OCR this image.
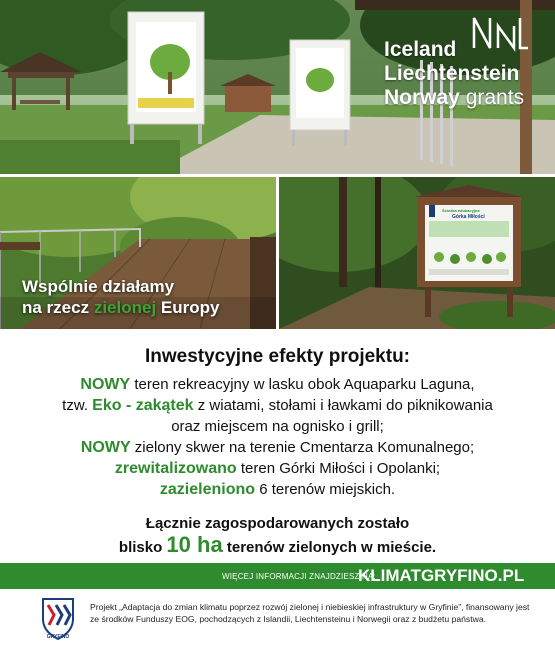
Iceland
Liechtenstein
Norway grants
Wspólnie działamy
na rzecz zielonej Europy
Ścieżka edukacyjna
Górka Miłości
Inwestycyjne efekty projektu:

NOWY teren rekreacyjny w lasku obok Aquaparku Laguna,

tzw. Eko - zakątek z wiatami, stołami i ławkami do piknikowania

oraz miejscem na ognisko i grill;

NOWY zielony skwer na terenie Cmentarza Komunalnego;

zrewitalizowano teren Górki Miłości i Opolanki;

zazieleniono 6 terenów miejskich.

Łącznie zagospodarowanych zostało
blisko 10 ha terenów zielonych w mieście.
WIĘCEJ INFORMACJI ZNAJDZIESZ NA:
KLIMATGRYFINO.PL
GRYFINO
Projekt „Adaptacja do zmian klimatu poprzez rozwój zielonej i niebieskiej infrastruktury w Gryfinie”, finansowany jest ze środków Funduszy EOG, pochodzących z Islandii, Liechtensteinu i Norwegii oraz z budżetu państwa.
